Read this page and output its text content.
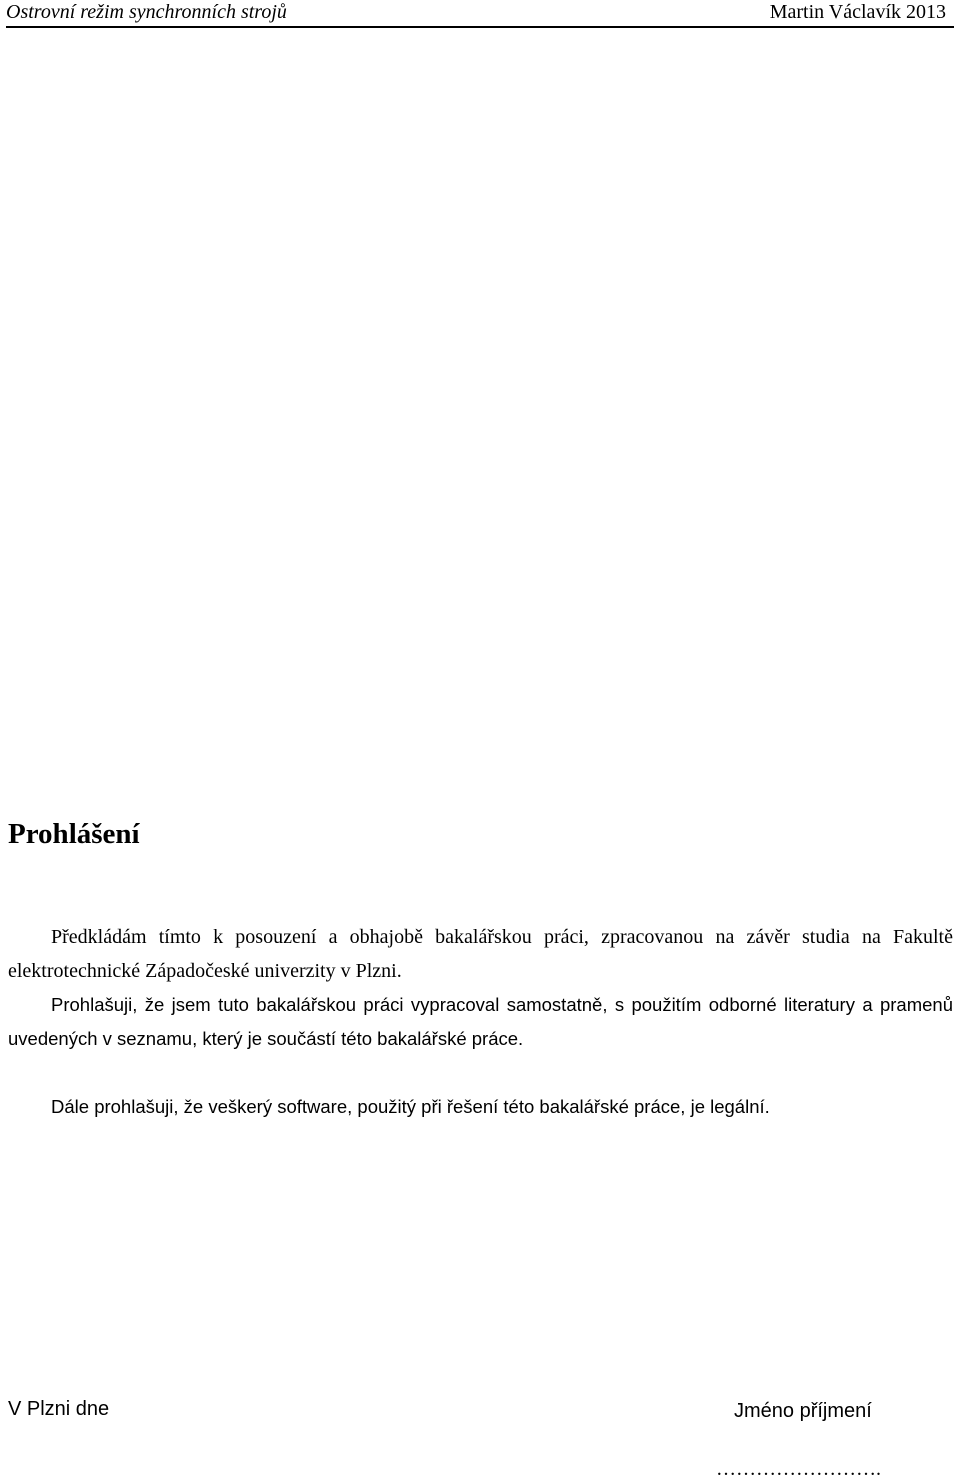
Ostrovní režim synchronních strojů	Martin Václavík 2013
Prohlášení

Předkládám tímto k posouzení a obhajobě bakalářskou práci, zpracovanou na závěr studia na Fakultě elektrotechnické Západočeské univerzity v Plzni.

Prohlašuji, že jsem tuto bakalářskou práci vypracoval samostatně, s použitím odborné literatury a pramenů uvedených v seznamu, který je součástí této bakalářské práce.

Dále prohlašuji, že veškerý software, použitý při řešení této bakalářské práce, je legální.

V Plzni dne	Jméno příjmení
…………………….
